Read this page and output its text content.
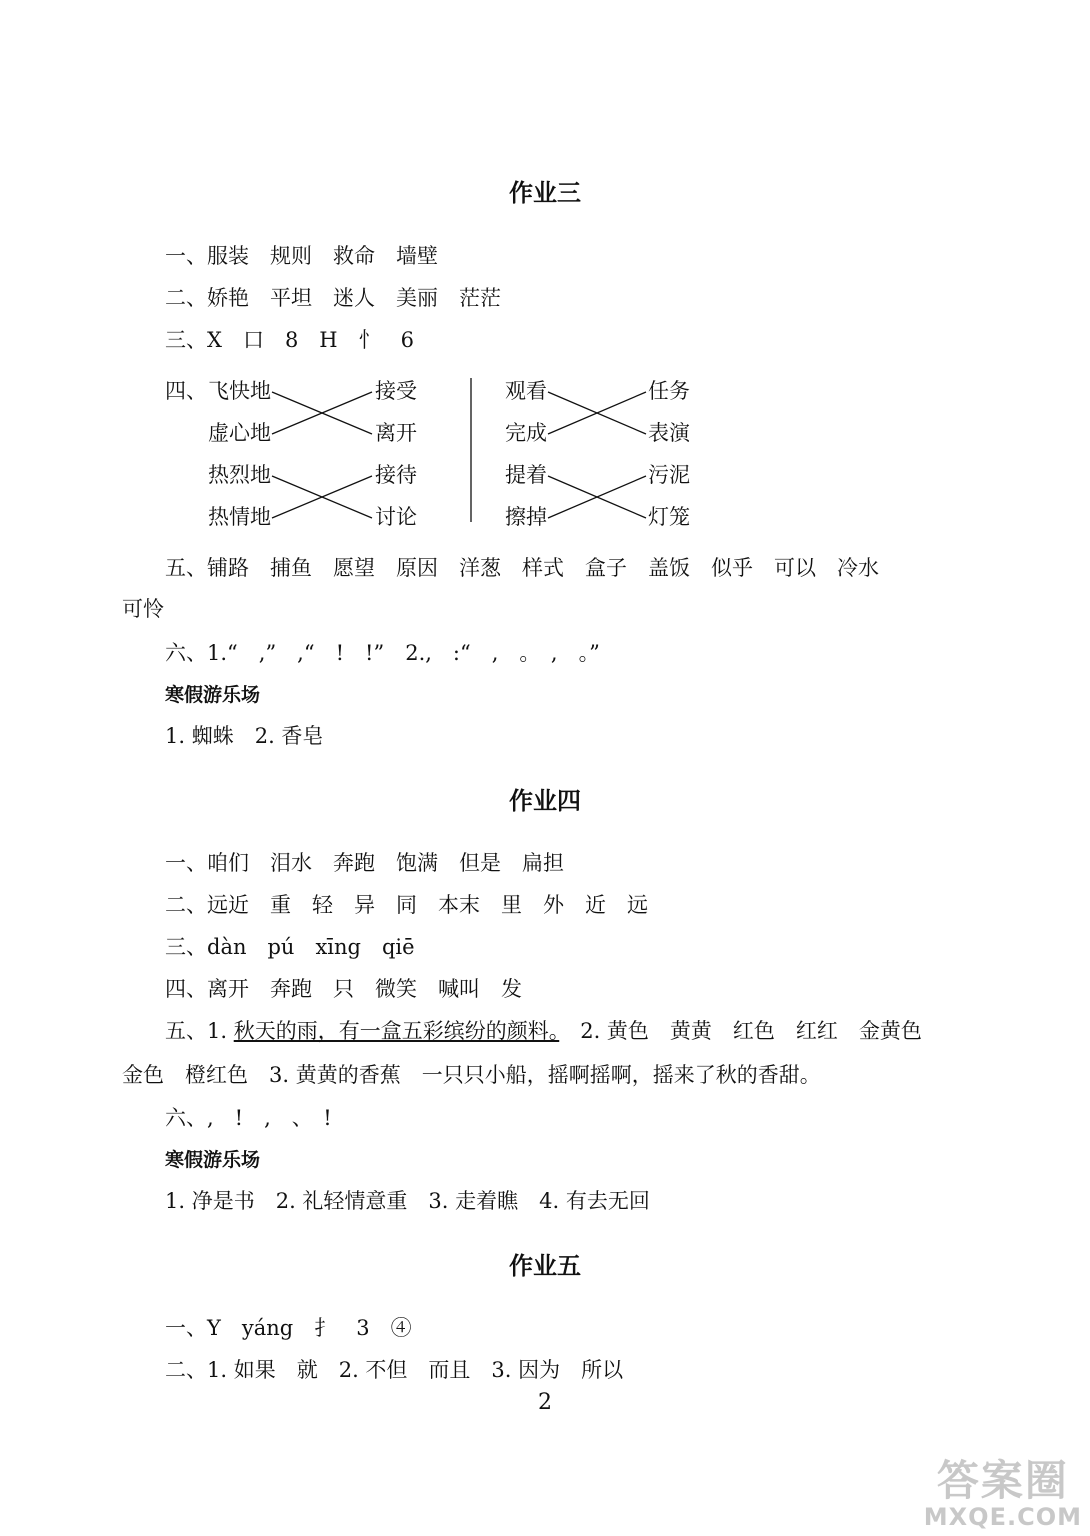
作业三
一、服装　规则　救命　墙壁
二、娇艳　平坦　迷人　美丽　茫茫
三、X　口　8　H　忄　6
四、 飞快地
虚心地
热烈地
热情地
接受
离开
接待
讨论
观看
完成
提着
擦掉
任务
表演
污泥
灯笼
五、铺路　捕鱼　愿望　原因　洋葱　样式　盒子　盖饭　似乎　可以　冷水
可怜
六、1.“　,”　,“　!　!”　2.,　:“　,　。　,　。”
寒假游乐场
1. 蜘蛛　2. 香皂
作业四
一、咱们　泪水　奔跑　饱满　但是　扁担
二、远近　重　轻　异　同　本末　里　外　近　远
三、dàn　pú　xīng　qiē
四、离开　奔跑　只　微笑　喊叫　发
五、1. 秋天的雨，有一盒五彩缤纷的颜料。　2. 黄色　黄黄　红色　红红　金黄色
金色　橙红色　3. 黄黄的香蕉　一只只小船，摇啊摇啊，摇来了秋的香甜。
六、,　!　,　、　!
寒假游乐场
1. 净是书　2. 礼轻情意重　3. 走着瞧　4. 有去无回
作业五
一、Y　yáng　扌　3　④
二、1. 如果　就　2. 不但　而且　3. 因为　所以
2
答案圈
MXQE.COM
